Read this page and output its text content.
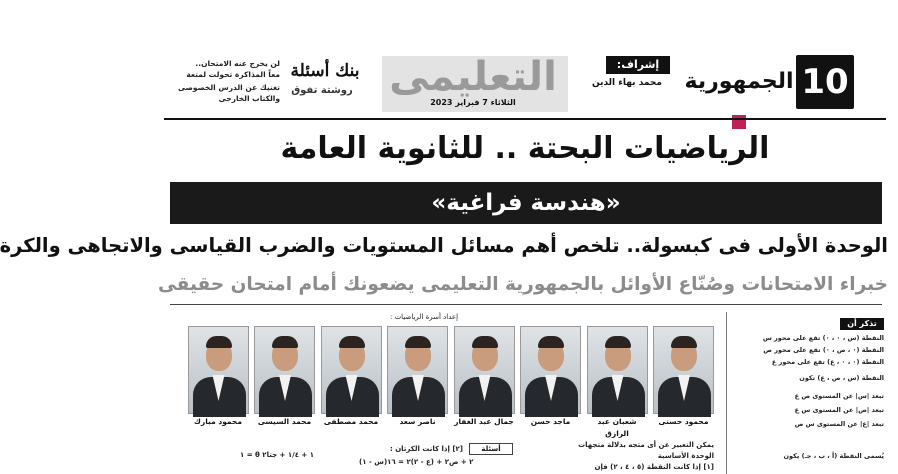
10
الجمهورية
إشراف:
محمد بهاء الدين
التعليمى
الثلاثاء 7 فبراير 2023
بنك أسئلة
روشتة تفوق
لن يخرج عنه الامتحان..
معاً المذاكرة تحولت لمتعة
تغنيك عن الدرس الخصوصى
والكتاب الخارجى
الرياضيات البحتة .. للثانوية العامة
«هندسة فراغية»
الوحدة الأولى فى كبسولة.. تلخص أهم مسائل المستويات والضرب القياسى والاتجاهى والكرة
خبراء الامتحانات وصُنّاع الأوائل بالجمهورية التعليمى يضعونك أمام امتحان حقيقى
إعداد أسرة الرياضيات :
محمود حسنى
شعبان عبد الرازق
ماجد حسن
جمال عبد الغفار
ناصر سعد
محمد مصطفى
محمد السيسى
محمود مبارك
تذكر أن
النقطة (س ، ٠ ، ٠) تقع على محور س
النقطة (٠ ، ص ، ٠) تقع على محور ص
النقطة (٠ ، ٠ ، ع) تقع على محور ع
النقطة (س ، ص ، ع) تكون
تبعد |س| عن المستوى ص ع
تبعد |ص| عن المستوى س ع
تبعد |ع| عن المستوى س ص
يُسمى النقطة (أ ، ب ، جـ) يكون
يمكن التعبير عن أى متجه بدلالة متجهات
الوحدة الأساسية
[١] إذا كانت النقطة (٥ ، ٤ ، ٢) فإن
أسئلة
[٢] إذا كانت الكرتان :
(س - ١)٢ + ص٢ + (ع - ٢)٢ = ١٦
١ + ١/٤ + جتا٢ θ = ١
